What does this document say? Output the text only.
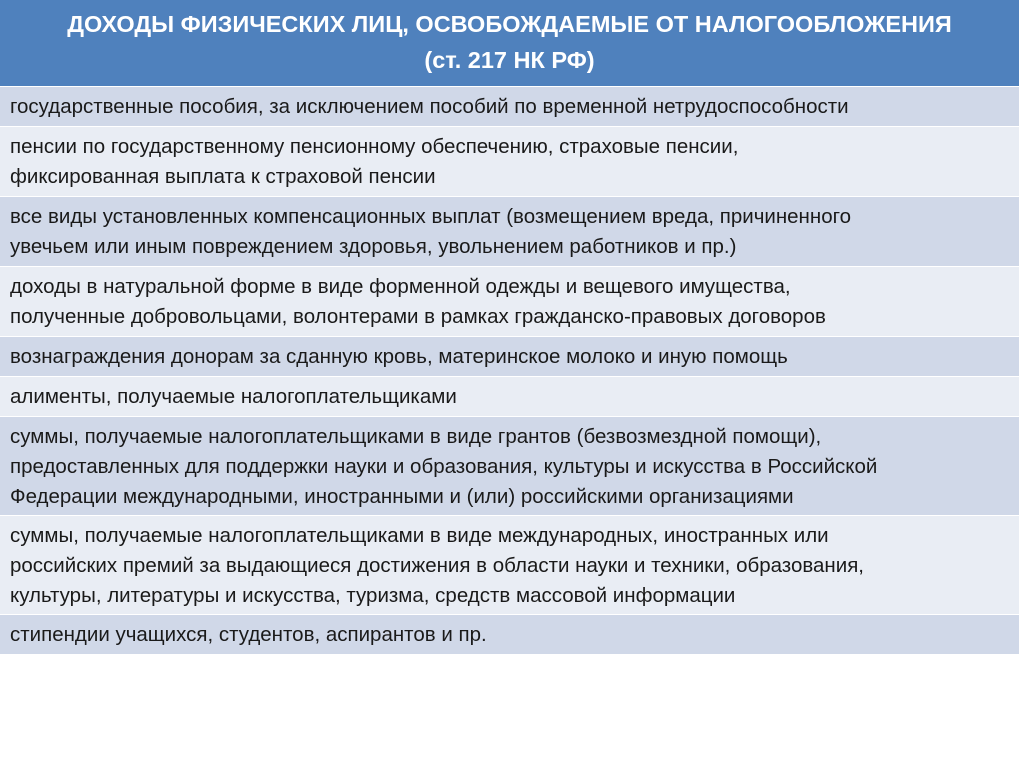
ДОХОДЫ ФИЗИЧЕСКИХ ЛИЦ, ОСВОБОЖДАЕМЫЕ ОТ НАЛОГООБЛОЖЕНИЯ
(ст. 217 НК РФ)
государственные пособия, за исключением пособий по временной нетрудоспособности
пенсии по государственному пенсионному обеспечению, страховые пенсии,
фиксированная выплата к страховой пенсии
все виды установленных компенсационных выплат (возмещением вреда, причиненного
увечьем или иным повреждением здоровья, увольнением работников и пр.)
доходы в натуральной форме в виде форменной одежды и вещевого имущества,
полученные добровольцами, волонтерами в рамках гражданско-правовых договоров
вознаграждения донорам за сданную кровь, материнское молоко и иную помощь
алименты, получаемые налогоплательщиками
суммы, получаемые налогоплательщиками в виде грантов (безвозмездной помощи),
предоставленных для поддержки науки и образования, культуры и искусства в Российской
Федерации международными, иностранными и (или) российскими организациями
суммы, получаемые налогоплательщиками в виде международных, иностранных или
российских премий за выдающиеся достижения в области науки и техники, образования,
культуры, литературы и искусства, туризма, средств массовой информации
стипендии учащихся, студентов, аспирантов и пр.
